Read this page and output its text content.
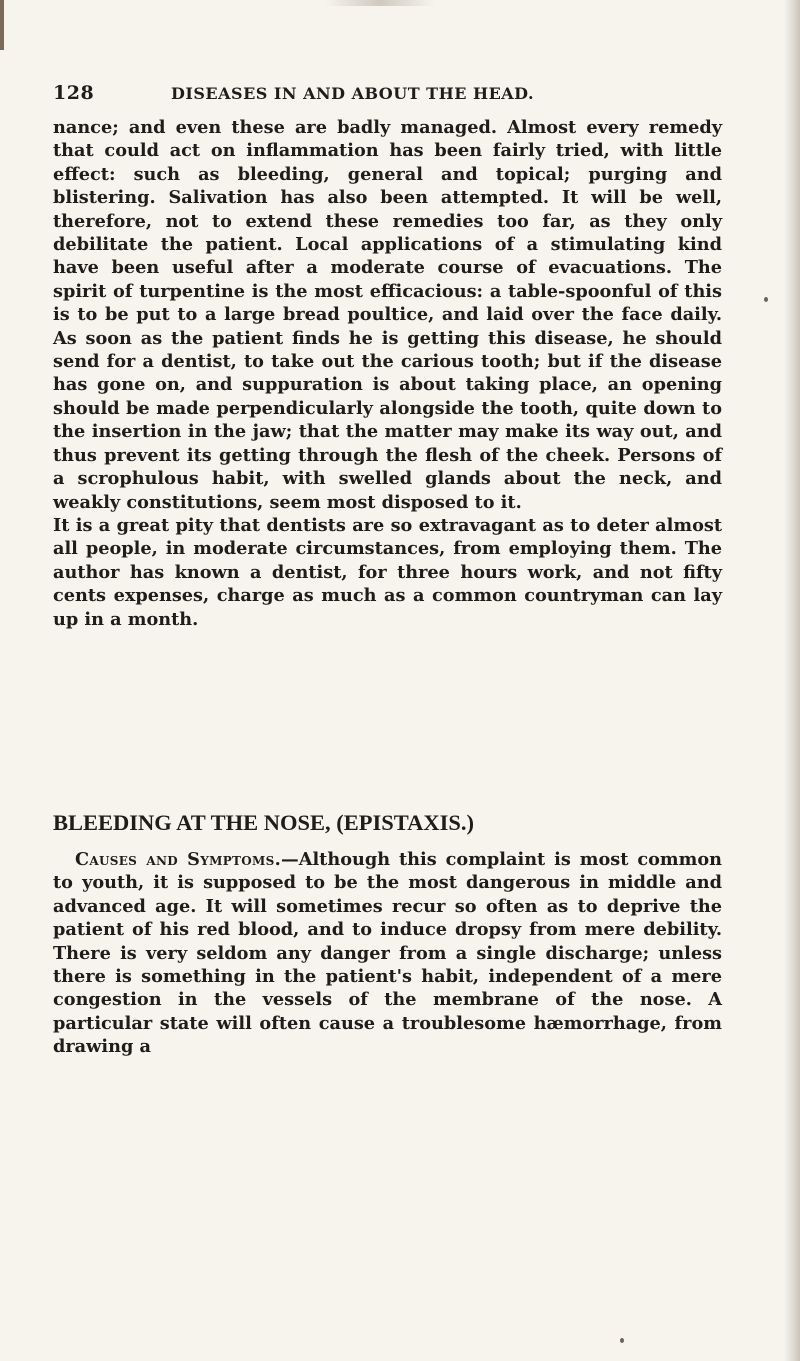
128	DISEASES IN AND ABOUT THE HEAD.

nance; and even these are badly managed. Almost every remedy that could act on inflammation has been fairly tried, with little effect: such as bleeding, general and topical; purging and blistering. Salivation has also been attempted. It will be well, therefore, not to extend these remedies too far, as they only debilitate the patient. Local applications of a stimulating kind have been useful after a moderate course of evacuations. The spirit of turpentine is the most efficacious: a table-spoonful of this is to be put to a large bread poultice, and laid over the face daily. As soon as the patient finds he is getting this disease, he should send for a dentist, to take out the carious tooth; but if the disease has gone on, and suppuration is about taking place, an opening should be made perpendicularly alongside the tooth, quite down to the insertion in the jaw; that the matter may make its way out, and thus prevent its getting through the flesh of the cheek. Persons of a scrophulous habit, with swelled glands about the neck, and weakly constitutions, seem most disposed to it.

It is a great pity that dentists are so extravagant as to deter almost all people, in moderate circumstances, from employing them. The author has known a dentist, for three hours work, and not fifty cents expenses, charge as much as a common countryman can lay up in a month.

BLEEDING AT THE NOSE, (EPISTAXIS.)

Causes and Symptoms.—Although this complaint is most common to youth, it is supposed to be the most dangerous in middle and advanced age. It will sometimes recur so often as to deprive the patient of his red blood, and to induce dropsy from mere debility. There is very seldom any danger from a single discharge; unless there is something in the patient's habit, independent of a mere congestion in the vessels of the membrane of the nose. A particular state will often cause a troublesome hæmorrhage, from drawing a
